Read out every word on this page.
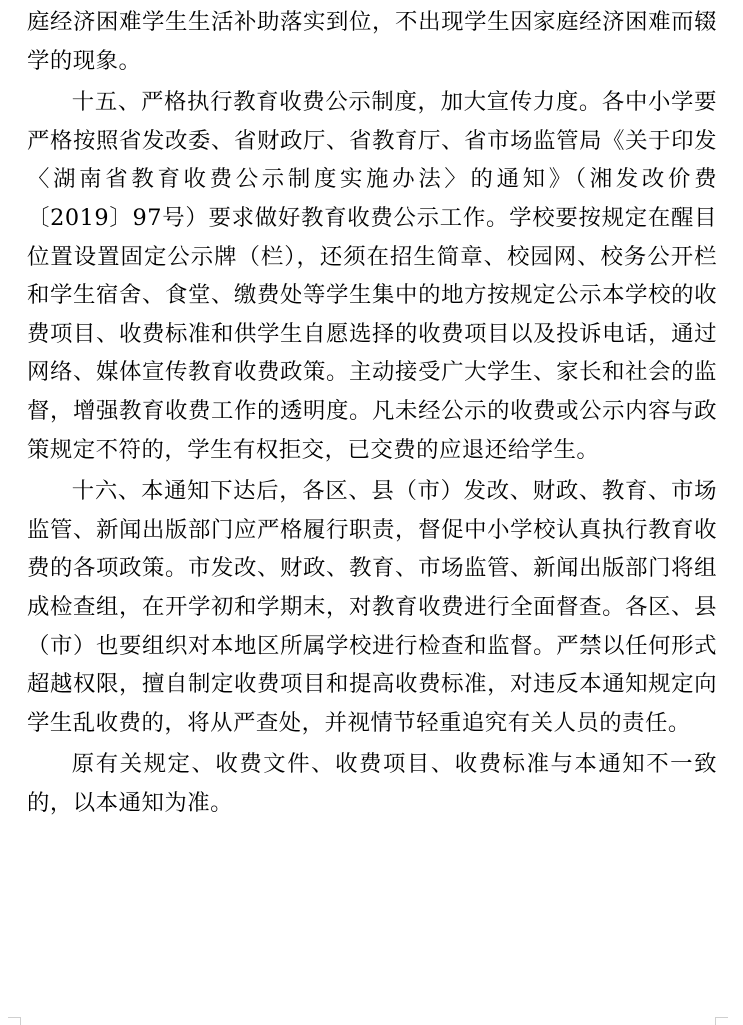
庭经济困难学生生活补助落实到位，不出现学生因家庭经济困难而辍学的现象。

十五、严格执行教育收费公示制度，加大宣传力度。各中小学要严格按照省发改委、省财政厅、省教育厅、省市场监管局《关于印发〈湖南省教育收费公示制度实施办法〉的通知》（湘发改价费〔2019〕97号）要求做好教育收费公示工作。学校要按规定在醒目位置设置固定公示牌（栏），还须在招生简章、校园网、校务公开栏和学生宿舍、食堂、缴费处等学生集中的地方按规定公示本学校的收费项目、收费标准和供学生自愿选择的收费项目以及投诉电话，通过网络、媒体宣传教育收费政策。主动接受广大学生、家长和社会的监督，增强教育收费工作的透明度。凡未经公示的收费或公示内容与政策规定不符的，学生有权拒交，已交费的应退还给学生。

十六、本通知下达后，各区、县（市）发改、财政、教育、市场监管、新闻出版部门应严格履行职责，督促中小学校认真执行教育收费的各项政策。市发改、财政、教育、市场监管、新闻出版部门将组成检查组，在开学初和学期末，对教育收费进行全面督查。各区、县（市）也要组织对本地区所属学校进行检查和监督。严禁以任何形式超越权限，擅自制定收费项目和提高收费标准，对违反本通知规定向学生乱收费的，将从严查处，并视情节轻重追究有关人员的责任。

原有关规定、收费文件、收费项目、收费标准与本通知不一致的，以本通知为准。
